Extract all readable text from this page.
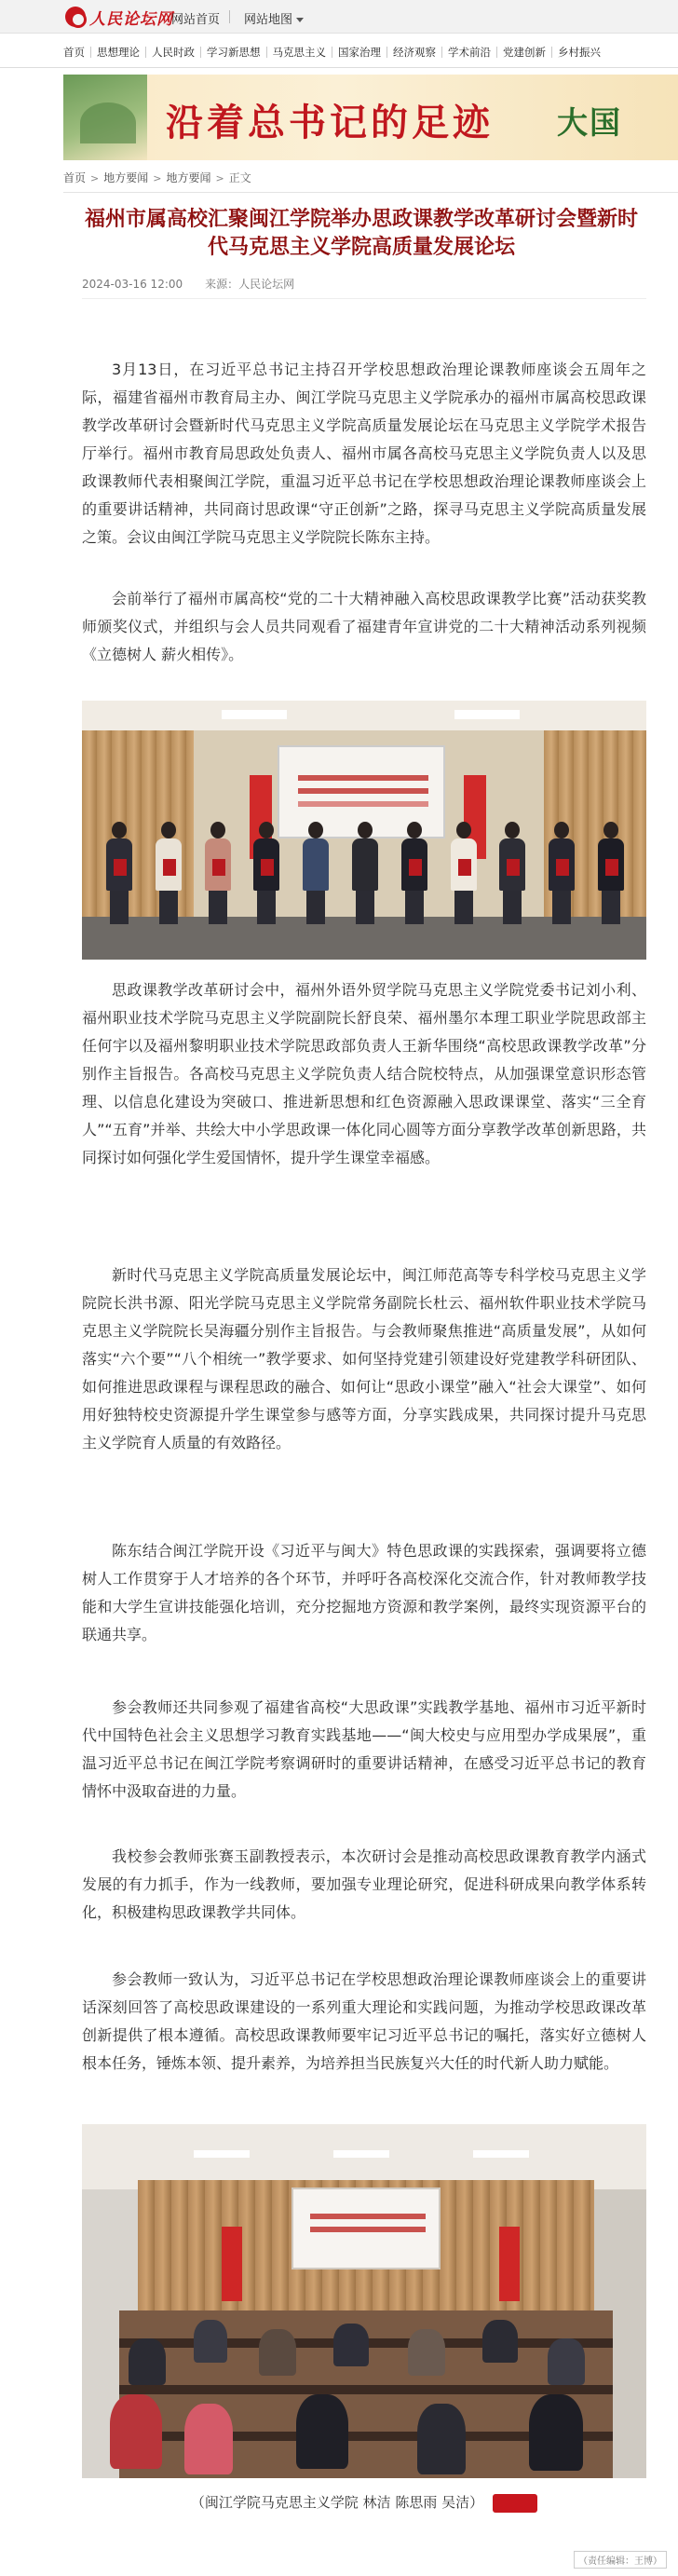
人民论坛网
网站首页 网站地图
首页	思想理论	人民时政	学习新思想	马克思主义	国家治理	经济观察	学术前沿	党建创新	乡村振兴
沿着总书记的足迹 大国
首页 > 地方要闻 > 地方要闻 > 正文
福州市属高校汇聚闽江学院举办思政课教学改革研讨会暨新时代马克思主义学院高质量发展论坛
2024-03-16 12:00 来源：人民论坛网

3月13日，在习近平总书记主持召开学校思想政治理论课教师座谈会五周年之际，福建省福州市教育局主办、闽江学院马克思主义学院承办的福州市属高校思政课教学改革研讨会暨新时代马克思主义学院高质量发展论坛在马克思主义学院学术报告厅举行。福州市教育局思政处负责人、福州市属各高校马克思主义学院负责人以及思政课教师代表相聚闽江学院，重温习近平总书记在学校思想政治理论课教师座谈会上的重要讲话精神，共同商讨思政课“守正创新”之路，探寻马克思主义学院高质量发展之策。会议由闽江学院马克思主义学院院长陈东主持。

会前举行了福州市属高校“党的二十大精神融入高校思政课教学比赛”活动获奖教师颁奖仪式，并组织与会人员共同观看了福建青年宣讲党的二十大精神活动系列视频《立德树人 薪火相传》。

思政课教学改革研讨会中，福州外语外贸学院马克思主义学院党委书记刘小利、福州职业技术学院马克思主义学院副院长舒良荣、福州墨尔本理工职业学院思政部主任何宇以及福州黎明职业技术学院思政部负责人王新华围绕“高校思政课教学改革”分别作主旨报告。各高校马克思主义学院负责人结合院校特点，从加强课堂意识形态管理、以信息化建设为突破口、推进新思想和红色资源融入思政课课堂、落实“三全育人”“五育”并举、共绘大中小学思政课一体化同心圆等方面分享教学改革创新思路，共同探讨如何强化学生爱国情怀，提升学生课堂幸福感。

新时代马克思主义学院高质量发展论坛中，闽江师范高等专科学校马克思主义学院院长洪书源、阳光学院马克思主义学院常务副院长杜云、福州软件职业技术学院马克思主义学院院长吴海疆分别作主旨报告。与会教师聚焦推进“高质量发展”，从如何落实“六个要”“八个相统一”教学要求、如何坚持党建引领建设好党建教学科研团队、如何推进思政课程与课程思政的融合、如何让“思政小课堂”融入“社会大课堂”、如何用好独特校史资源提升学生课堂参与感等方面，分享实践成果，共同探讨提升马克思主义学院育人质量的有效路径。

陈东结合闽江学院开设《习近平与闽大》特色思政课的实践探索，强调要将立德树人工作贯穿于人才培养的各个环节，并呼吁各高校深化交流合作，针对教师教学技能和大学生宣讲技能强化培训，充分挖掘地方资源和教学案例，最终实现资源平台的联通共享。

参会教师还共同参观了福建省高校“大思政课”实践教学基地、福州市习近平新时代中国特色社会主义思想学习教育实践基地——“闽大校史与应用型办学成果展”，重温习近平总书记在闽江学院考察调研时的重要讲话精神，在感受习近平总书记的教育情怀中汲取奋进的力量。

我校参会教师张赛玉副教授表示，本次研讨会是推动高校思政课教育教学内涵式发展的有力抓手，作为一线教师，要加强专业理论研究，促进科研成果向教学体系转化，积极建构思政课教学共同体。

参会教师一致认为，习近平总书记在学校思想政治理论课教师座谈会上的重要讲话深刻回答了高校思政课建设的一系列重大理论和实践问题，为推动学校思政课改革创新提供了根本遵循。高校思政课教师要牢记习近平总书记的嘱托，落实好立德树人根本任务，锤炼本领、提升素养，为培养担当民族复兴大任的时代新人助力赋能。

（闽江学院马克思主义学院 林洁 陈思雨 吴洁）
（责任编辑：王博）
